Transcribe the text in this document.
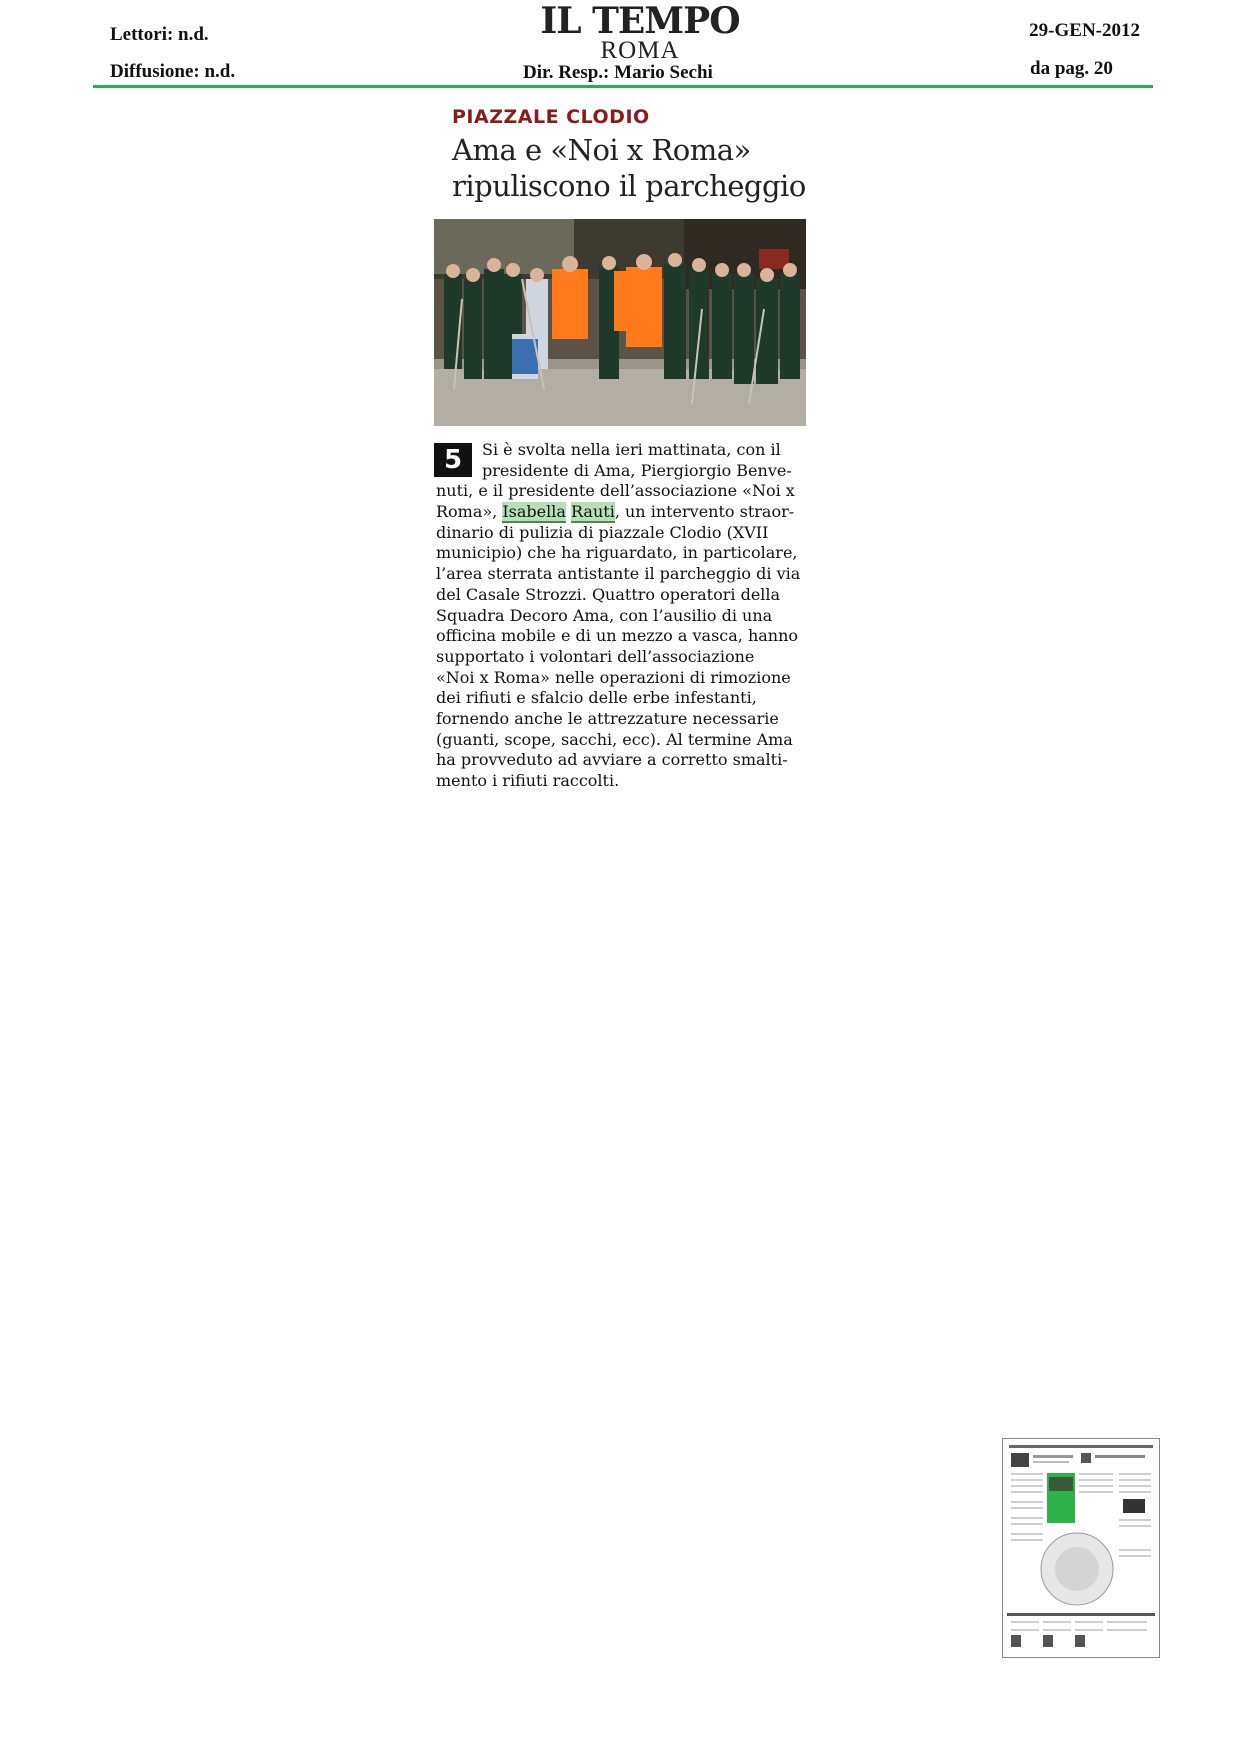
Lettori: n.d.
Diffusione: n.d.
IL TEMPO
ROMA
Dir. Resp.: Mario Sechi
29-GEN-2012
da pag. 20
PIAZZALE CLODIO
Ama e «Noi x Roma»
ripuliscono il parcheggio
5	Si è svolta nella ieri mattinata, con il
presidente di Ama, Piergiorgio Benve-
nuti, e il presidente dell’associazione «Noi x
Roma», Isabella Rauti, un intervento straor-
dinario di pulizia di piazzale Clodio (XVII
municipio) che ha riguardato, in particolare,
l’area sterrata antistante il parcheggio di via
del Casale Strozzi. Quattro operatori della
Squadra Decoro Ama, con l’ausilio di una
officina mobile e di un mezzo a vasca, hanno
supportato i volontari dell’associazione
«Noi x Roma» nelle operazioni di rimozione
dei rifiuti e sfalcio delle erbe infestanti,
fornendo anche le attrezzature necessarie
(guanti, scope, sacchi, ecc). Al termine Ama
ha provveduto ad avviare a corretto smalti-
mento i rifiuti raccolti.
